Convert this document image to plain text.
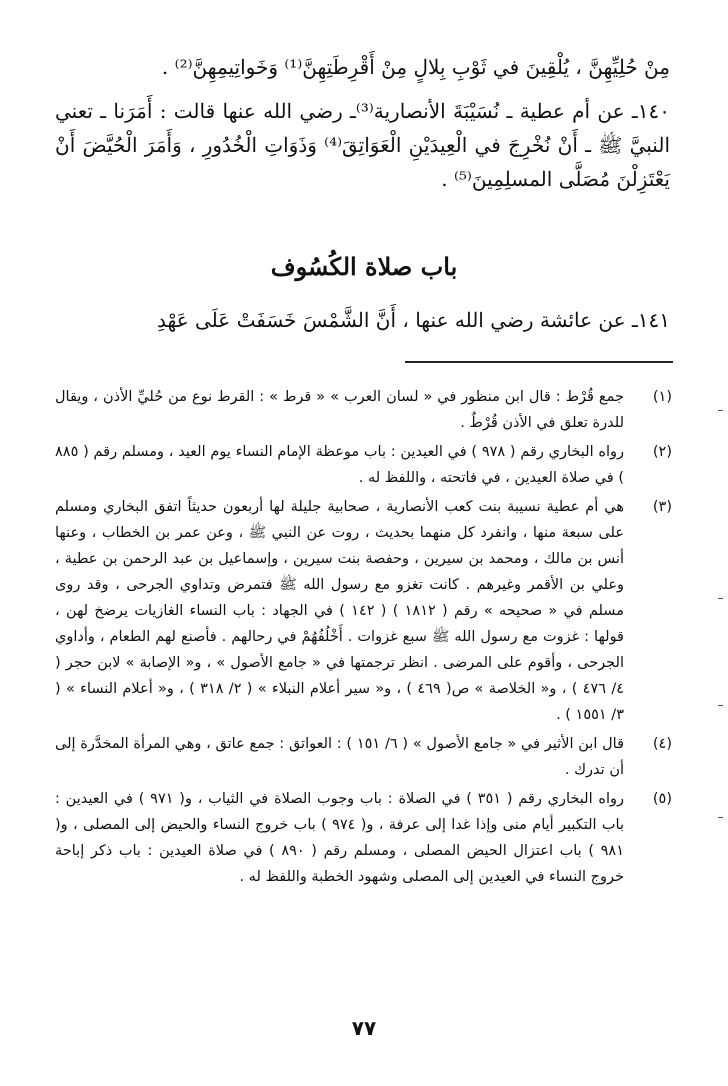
مِنْ حُلِيِّهِنَّ ، يُلْقِينَ في ثَوْبِ بِلالٍ مِنْ أَقْرِطَتِهِنَّ⁽¹⁾ وَخَواتِيمِهِنَّ⁽²⁾ .

١٤٠ـ عن أم عطية ـ نُسَيْبَةَ الأنصارية⁽³⁾ـ رضي الله عنها قالت : أَمَرَنا ـ تعني النبيَّ ﷺ ـ أَنْ نُخْرِجَ في الْعِيدَيْنِ الْعَوَاتِقَ⁽⁴⁾ وَذَوَاتِ الْخُدُورِ ، وَأَمَرَ الْحُيَّضَ أَنْ يَعْتَزِلْنَ مُصَلَّى المسلِمِينَ⁽⁵⁾ .

باب صلاة الكُسُوف
١٤١ـ عن عائشة رضي الله عنها ، أَنَّ الشَّمْسَ خَسَفَتْ عَلَى عَهْدِ
(١)
جمع قُرْط : قال ابن منظور في « لسان العرب » « قرط » : القرط نوع من حُليِّ الأذن ، ويقال للدرة تعلق في الأذن قُرْطٌ .
(٢)
رواه البخاري رقم ( ٩٧٨ ) في العيدين : باب موعظة الإمام النساء يوم العيد ، ومسلم رقم ( ٨٨٥ ) في صلاة العيدين ، في فاتحته ، واللفظ له .
(٣)
هي أم عطية نسيبة بنت كعب الأنصارية ، صحابية جليلة لها أربعون حديثاً اتفق البخاري ومسلم على سبعة منها ، وانفرد كل منهما بحديث ، روت عن النبي ﷺ ، وعن عمر بن الخطاب ، وعنها أنس بن مالك ، ومحمد بن سيرين ، وحفصة بنت سيرين ، وإسماعيل بن عبد الرحمن بن عطية ، وعلي بن الأقمر وغيرهم . كانت تغزو مع رسول الله ﷺ فتمرض وتداوي الجرحى ، وقد روى مسلم في « صحيحه » رقم ( ١٨١٢ ) ( ١٤٢ ) في الجهاد : باب النساء الغازيات يرضخ لهن ، قولها : غزوت مع رسول الله ﷺ سبع غزوات . أَخْلُفُهُمْ في رحالهم . فأصنع لهم الطعام ، وأداوي الجرحى ، وأقوم على المرضى . انظر ترجمتها في « جامع الأصول » ، و« الإصابة » لابن حجر ( ٤/ ٤٧٦ ) ، و« الخلاصة » ص( ٤٦٩ ) ، و« سير أعلام النبلاء » ( ٢/ ٣١٨ ) ، و« أعلام النساء » ( ٣/ ١٥٥١ ) .
(٤)
قال ابن الأثير في « جامع الأصول » ( ٦/ ١٥١ ) : العواتق : جمع عاتق ، وهي المرأة المخدَّرة إلى أن تدرك .
(٥)
رواه البخاري رقم ( ٣٥١ ) في الصلاة : باب وجوب الصلاة في الثياب ، و( ٩٧١ ) في العيدين : باب التكبير أيام منى وإذا غدا إلى عرفة ، و( ٩٧٤ ) باب خروج النساء والحيض إلى المصلى ، و( ٩٨١ ) باب اعتزال الحيض المصلى ، ومسلم رقم ( ٨٩٠ ) في صلاة العيدين : باب ذكر إباحة خروج النساء في العيدين إلى المصلى وشهود الخطبة واللفظ له .
٧٧
